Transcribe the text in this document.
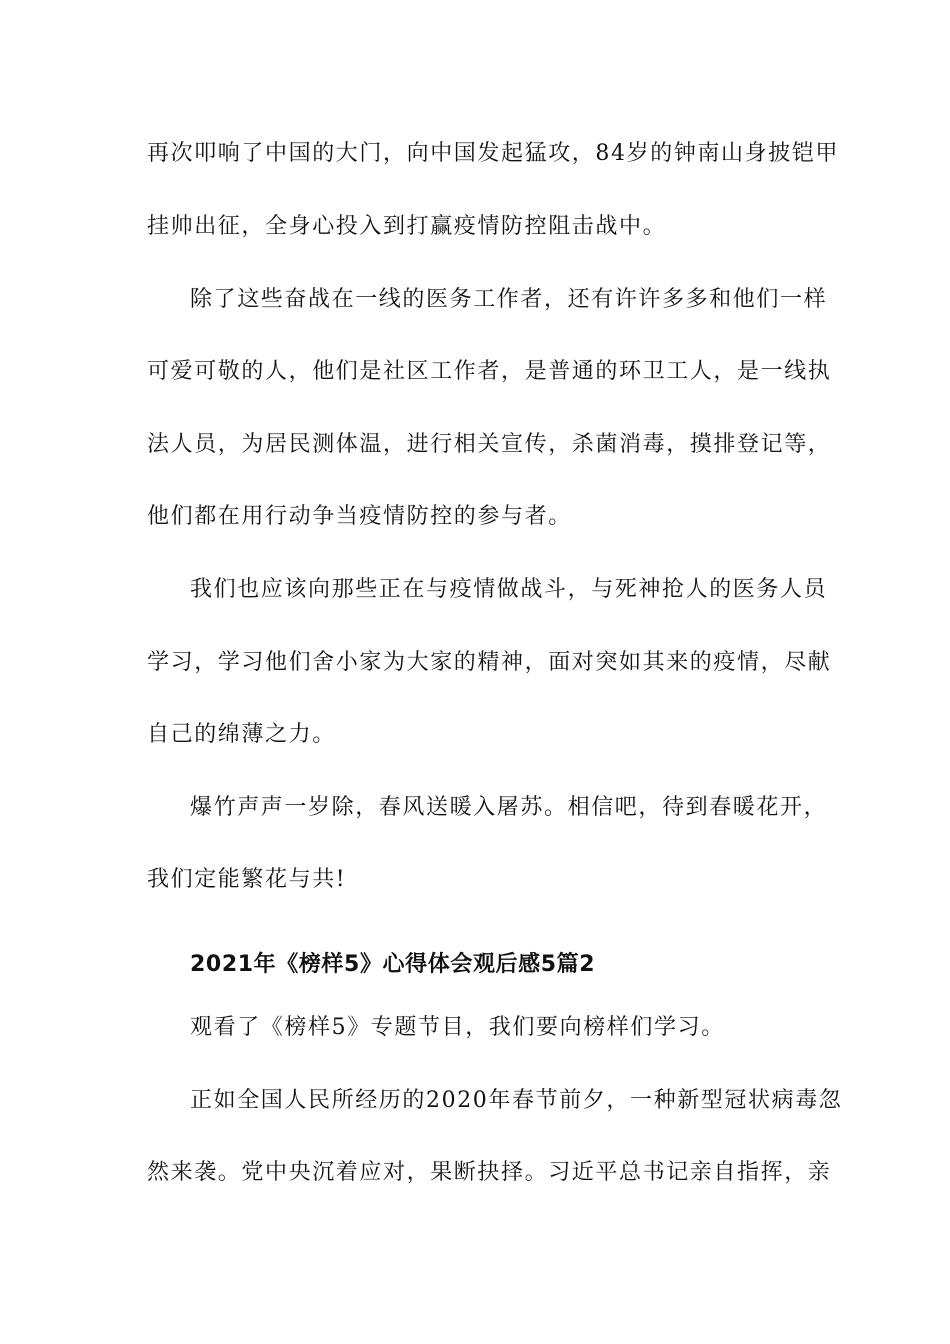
再次叩响了中国的大门，向中国发起猛攻，84岁的钟南山身披铠甲
挂帅出征，全身心投入到打赢疫情防控阻击战中。
除了这些奋战在一线的医务工作者，还有许许多多和他们一样
可爱可敬的人，他们是社区工作者，是普通的环卫工人，是一线执
法人员，为居民测体温，进行相关宣传，杀菌消毒，摸排登记等，
他们都在用行动争当疫情防控的参与者。
我们也应该向那些正在与疫情做战斗，与死神抢人的医务人员
学习，学习他们舍小家为大家的精神，面对突如其来的疫情，尽献
自己的绵薄之力。
爆竹声声一岁除，春风送暖入屠苏。相信吧，待到春暖花开，
我们定能繁花与共!
2021年《榜样5》心得体会观后感5篇2
观看了《榜样5》专题节目，我们要向榜样们学习。
正如全国人民所经历的2020年春节前夕，一种新型冠状病毒忽
然来袭。党中央沉着应对，果断抉择。习近平总书记亲自指挥，亲
